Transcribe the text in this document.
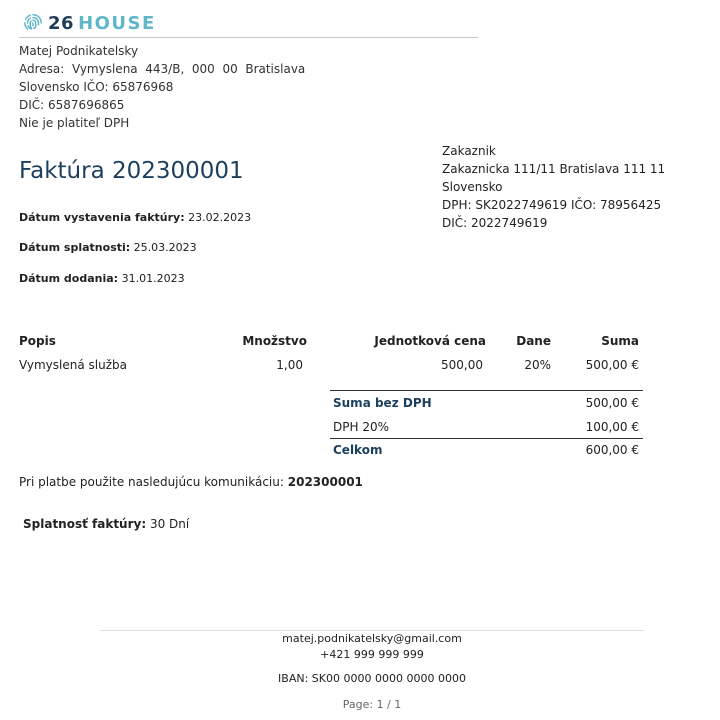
26 HOUSE
Matej Podnikatelsky
Adresa:  Vymyslena  443/B,  000  00  Bratislava
Slovensko IČO: 65876968
DIČ: 6587696865
Nie je platiteľ DPH
Zakaznik
Zakaznicka 111/11 Bratislava 111 11
Slovensko
DPH: SK2022749619 IČO: 78956425
DIČ: 2022749619
Faktúra 202300001
Dátum vystavenia faktúry: 23.02.2023
Dátum splatnosti: 25.03.2023
Dátum dodania: 31.01.2023
Popis	Množstvo	Jednotková cena	Dane	Suma
Vymyslená služba	1,00	500,00	20%	500,00 €
Suma bez DPH	500,00 €
DPH 20%	100,00 €
Celkom	600,00 €
Pri platbe použite nasledujúcu komunikáciu: 202300001
Splatnosť faktúry: 30 Dní
matej.podnikatelsky@gmail.com
+421 999 999 999
IBAN: SK00 0000 0000 0000 0000
Page: 1 / 1
